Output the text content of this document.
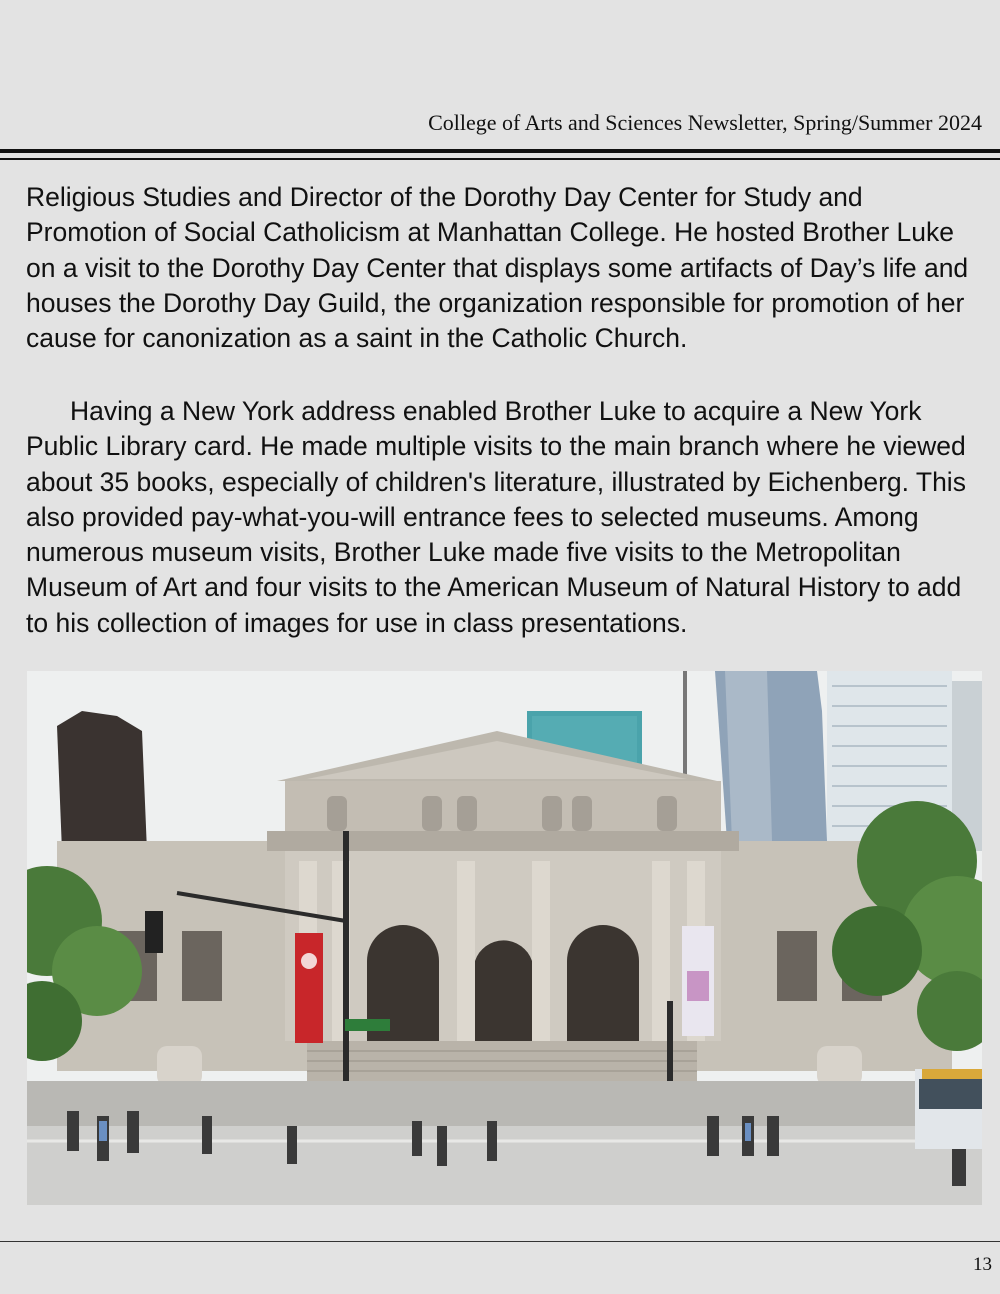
College of Arts and Sciences Newsletter, Spring/Summer 2024

Religious Studies and Director of the Dorothy Day Center for Study and Promotion of Social Catholicism at Manhattan College. He hosted Brother Luke on a visit to the Dorothy Day Center that displays some artifacts of Day’s life and houses the Dorothy Day Guild, the organization responsible for promotion of her cause for canonization as a saint in the Catholic Church.

Having a New York address enabled Brother Luke to acquire a New York Public Library card. He made multiple visits to the main branch where he viewed about 35 books, especially of children's literature, illustrated by Eichenberg. This also provided pay-what-you-will entrance fees to selected museums. Among numerous museum visits, Brother Luke made five visits to the Metropolitan Museum of Art and four visits to the American Museum of Natural History to add to his collection of images for use in class presentations.

13
